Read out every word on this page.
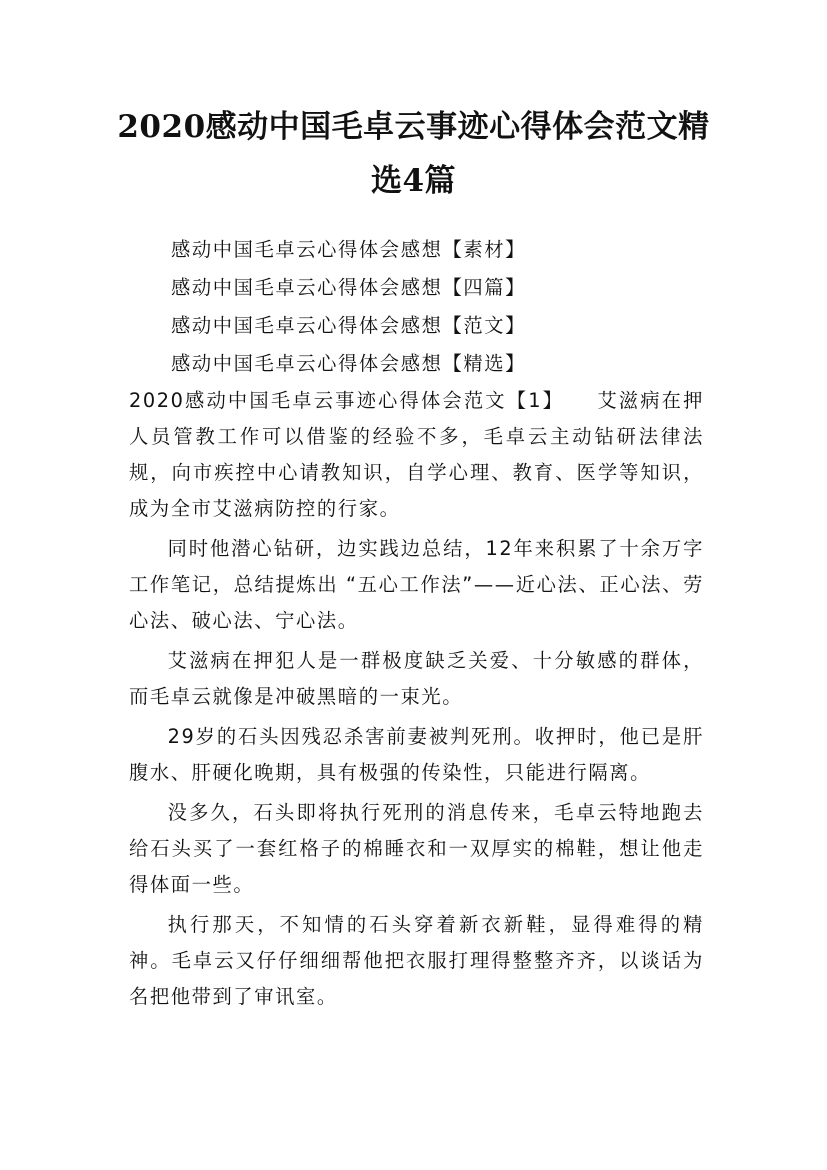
2020感动中国毛卓云事迹心得体会范文精
选4篇

感动中国毛卓云心得体会感想【素材】

感动中国毛卓云心得体会感想【四篇】

感动中国毛卓云心得体会感想【范文】

感动中国毛卓云心得体会感想【精选】

2020感动中国毛卓云事迹心得体会范文【1】　　艾滋病在押人员管教工作可以借鉴的经验不多，毛卓云主动钻研法律法规，向市疾控中心请教知识，自学心理、教育、医学等知识，成为全市艾滋病防控的行家。

同时他潜心钻研，边实践边总结，12年来积累了十余万字工作笔记，总结提炼出 “五心工作法”——近心法、正心法、劳心法、破心法、宁心法。

艾滋病在押犯人是一群极度缺乏关爱、十分敏感的群体，而毛卓云就像是冲破黑暗的一束光。

29岁的石头因残忍杀害前妻被判死刑。收押时，他已是肝腹水、肝硬化晚期，具有极强的传染性，只能进行隔离。

没多久，石头即将执行死刑的消息传来，毛卓云特地跑去给石头买了一套红格子的棉睡衣和一双厚实的棉鞋，想让他走得体面一些。

执行那天，不知情的石头穿着新衣新鞋，显得难得的精神。毛卓云又仔仔细细帮他把衣服打理得整整齐齐，以谈话为名把他带到了审讯室。
